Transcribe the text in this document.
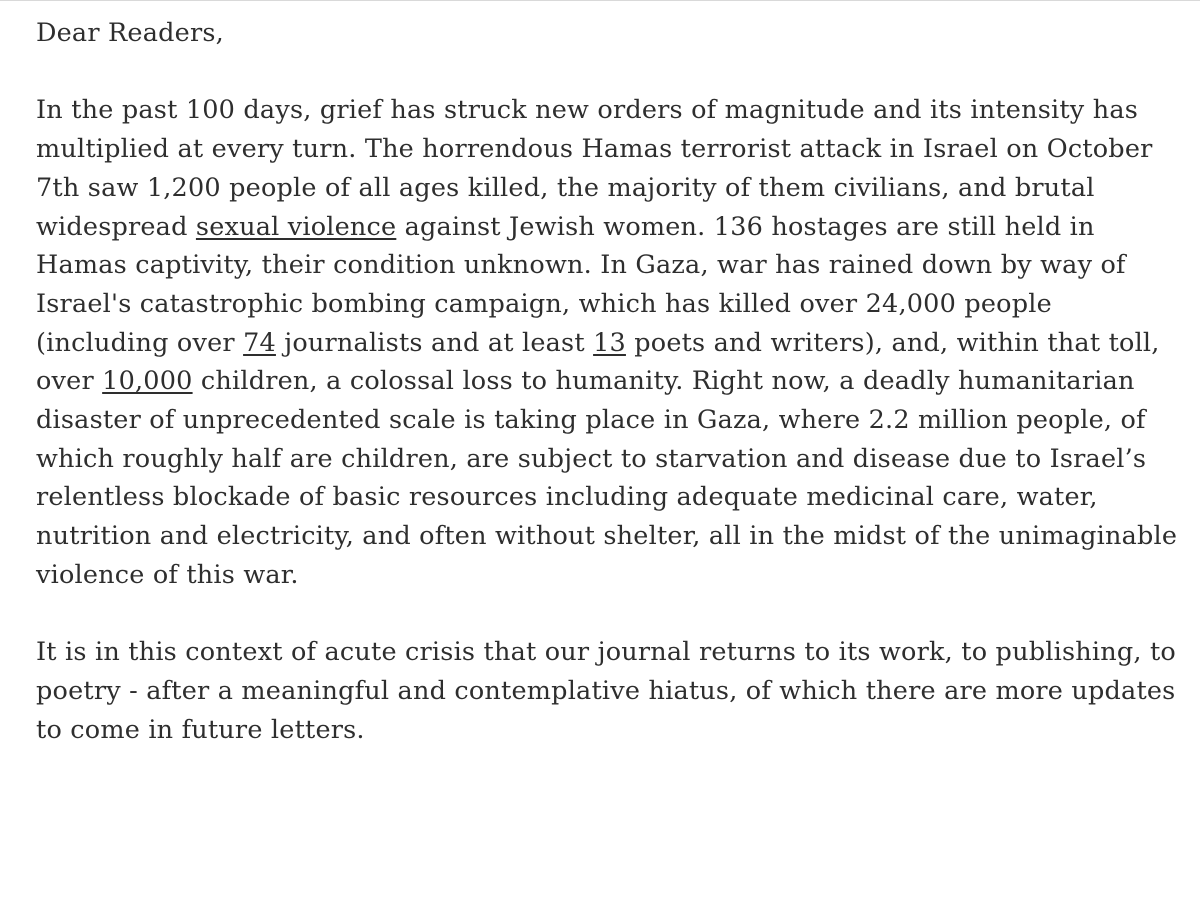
Dear Readers,

In the past 100 days, grief has struck new orders of magnitude and its intensity has multiplied at every turn. The horrendous Hamas terrorist attack in Israel on October 7th saw 1,200 people of all ages killed, the majority of them civilians, and brutal widespread sexual violence against Jewish women. 136 hostages are still held in Hamas captivity, their condition unknown. In Gaza, war has rained down by way of Israel's catastrophic bombing campaign, which has killed over 24,000 people (including over 74 journalists and at least 13 poets and writers), and, within that toll, over 10,000 children, a colossal loss to humanity. Right now, a deadly humanitarian disaster of unprecedented scale is taking place in Gaza, where 2.2 million people, of which roughly half are children, are subject to starvation and disease due to Israel’s relentless blockade of basic resources including adequate medicinal care, water, nutrition and electricity, and often without shelter, all in the midst of the unimaginable violence of this war.

It is in this context of acute crisis that our journal returns to its work, to publishing, to poetry - after a meaningful and contemplative hiatus, of which there are more updates to come in future letters.
